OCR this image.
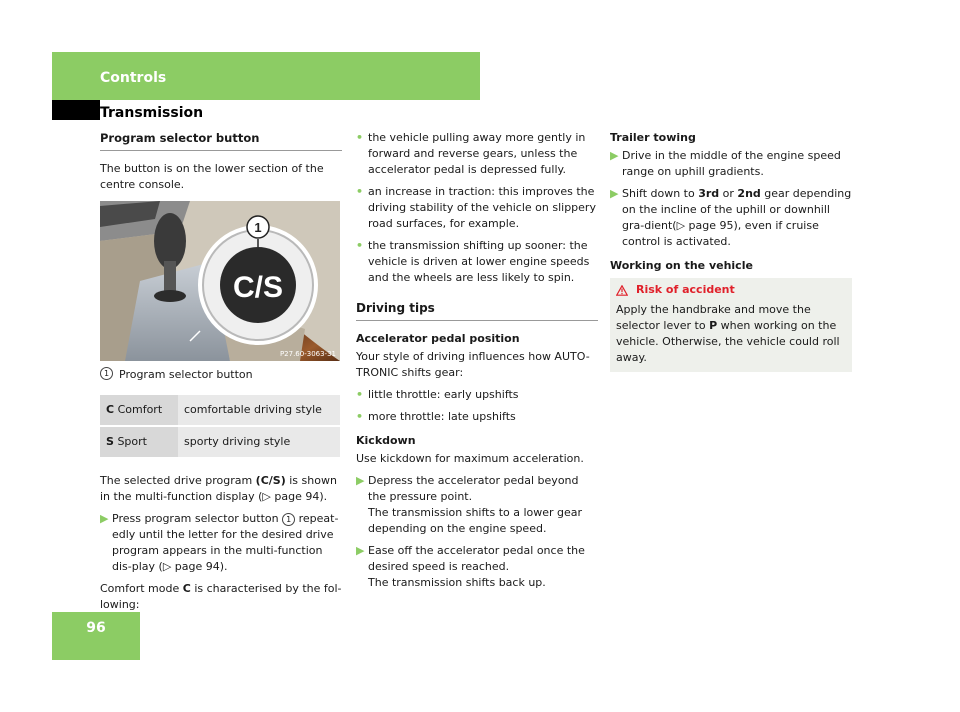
Controls
Transmission
Program selector button

The button is on the lower section of the centre console.

C/S
1
P27.60-3063-31
1 Program selector button
C Comfort	comfortable driving style
S Sport	sporty driving style

The selected drive program (C/S) is shown in the multi-function display (▷ page 94).

▶ Press program selector button 1 repeat-edly until the letter for the desired drive program appears in the multi-function dis-play (▷ page 94).

Comfort mode C is characterised by the fol-lowing:

• the vehicle pulling away more gently in forward and reverse gears, unless the accelerator pedal is depressed fully.
• an increase in traction: this improves the driving stability of the vehicle on slippery road surfaces, for example.
• the transmission shifting up sooner: the vehicle is driven at lower engine speeds and the wheels are less likely to spin.
Driving tips
Accelerator pedal position

Your style of driving influences how AUTO-TRONIC shifts gear:

• little throttle: early upshifts
• more throttle: late upshifts
Kickdown

Use kickdown for maximum acceleration.

▶ Depress the accelerator pedal beyond the pressure point.
The transmission shifts to a lower gear depending on the engine speed.
▶ Ease off the accelerator pedal once the desired speed is reached.
The transmission shifts back up.
Trailer towing
▶ Drive in the middle of the engine speed range on uphill gradients.
▶ Shift down to 3rd or 2nd gear depending on the incline of the uphill or downhill gra-dient(▷ page 95), even if cruise control is activated.
Working on the vehicle
Risk of accident

Apply the handbrake and move the selector lever to P when working on the vehicle. Otherwise, the vehicle could roll away.

96
